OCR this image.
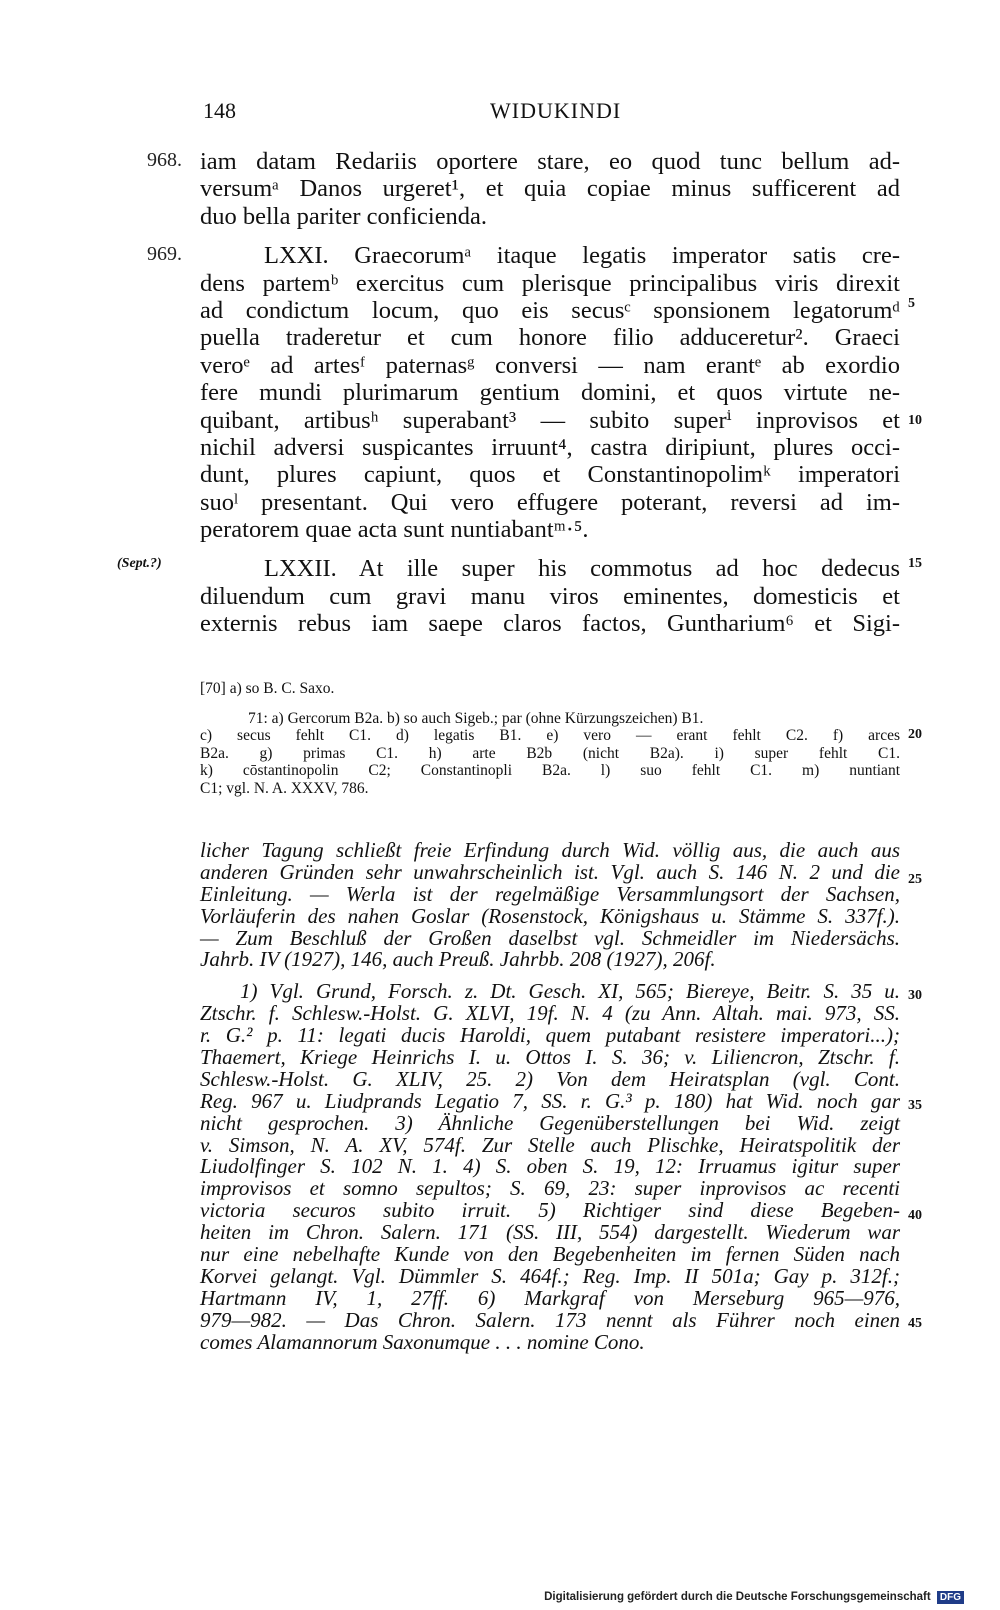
148	WIDUKINDI
968.
969.
(Sept.?)
5
10
15
20
25
30
35
40
45
iam datam Redariis oportere stare, eo quod tunc bellum ad-
versumᵃ Danos urgeret¹, et quia copiae minus sufficerent ad
duo bella pariter conficienda.
LXXI. Graecorumᵃ itaque legatis imperator satis cre-
dens partemᵇ exercitus cum plerisque principalibus viris direxit
ad condictum locum, quo eis secusᶜ sponsionem legatorumᵈ
puella traderetur et cum honore filio adduceretur². Graeci
veroᵉ ad artesᶠ paternasᵍ conversi — nam erantᵉ ab exordio
fere mundi plurimarum gentium domini, et quos virtute ne-
quibant, artibusʰ superabant³ — subito superⁱ inprovisos et
nichil adversi suspicantes irruunt⁴, castra diripiunt, plures occi-
dunt, plures capiunt, quos et Constantinopolimᵏ imperatori
suoˡ presentant. Qui vero effugere poterant, reversi ad im-
peratorem quae acta sunt nuntiabantᵐ·⁵.
LXXII. At ille super his commotus ad hoc dedecus
diluendum cum gravi manu viros eminentes, domesticis et
externis rebus iam saepe claros factos, Guntharium⁶ et Sigi-
[70] a) so B. C. Saxo.
71: a) Gercorum B2a. b) so auch Sigeb.; par (ohne Kürzungszeichen) B1.
c) secus fehlt C1. d) legatis B1. e) vero — erant fehlt C2. f) arces
B2a. g) primas C1. h) arte B2b (nicht B2a). i) super fehlt C1.
k) cōstantinopolin C2; Constantinopli B2a. l) suo fehlt C1. m) nuntiant
C1; vgl. N. A. XXXV, 786.
licher Tagung schließt freie Erfindung durch Wid. völlig aus, die auch aus
anderen Gründen sehr unwahrscheinlich ist. Vgl. auch S. 146 N. 2 und die
Einleitung. — Werla ist der regelmäßige Versammlungsort der Sachsen,
Vorläuferin des nahen Goslar (Rosenstock, Königshaus u. Stämme S. 337f.).
— Zum Beschluß der Großen daselbst vgl. Schmeidler im Niedersächs.
Jahrb. IV (1927), 146, auch Preuß. Jahrbb. 208 (1927), 206f.
1) Vgl. Grund, Forsch. z. Dt. Gesch. XI, 565; Biereye, Beitr. S. 35 u.
Ztschr. f. Schlesw.-Holst. G. XLVI, 19f. N. 4 (zu Ann. Altah. mai. 973, SS.
r. G.² p. 11: legati ducis Haroldi, quem putabant resistere imperatori...);
Thaemert, Kriege Heinrichs I. u. Ottos I. S. 36; v. Liliencron, Ztschr. f.
Schlesw.-Holst. G. XLIV, 25. 2) Von dem Heiratsplan (vgl. Cont.
Reg. 967 u. Liudprands Legatio 7, SS. r. G.³ p. 180) hat Wid. noch gar
nicht gesprochen. 3) Ähnliche Gegenüberstellungen bei Wid. zeigt
v. Simson, N. A. XV, 574f. Zur Stelle auch Plischke, Heiratspolitik der
Liudolfinger S. 102 N. 1. 4) S. oben S. 19, 12: Irruamus igitur super
improvisos et somno sepultos; S. 69, 23: super inprovisos ac recenti
victoria securos subito irruit. 5) Richtiger sind diese Begeben-
heiten im Chron. Salern. 171 (SS. III, 554) dargestellt. Wiederum war
nur eine nebelhafte Kunde von den Begebenheiten im fernen Süden nach
Korvei gelangt. Vgl. Dümmler S. 464f.; Reg. Imp. II 501a; Gay p. 312f.;
Hartmann IV, 1, 27ff. 6) Markgraf von Merseburg 965—976,
979—982. — Das Chron. Salern. 173 nennt als Führer noch einen
comes Alamannorum Saxonumque . . . nomine Cono.
Digitalisierung gefördert durch die Deutsche Forschungsgemeinschaft DFG
